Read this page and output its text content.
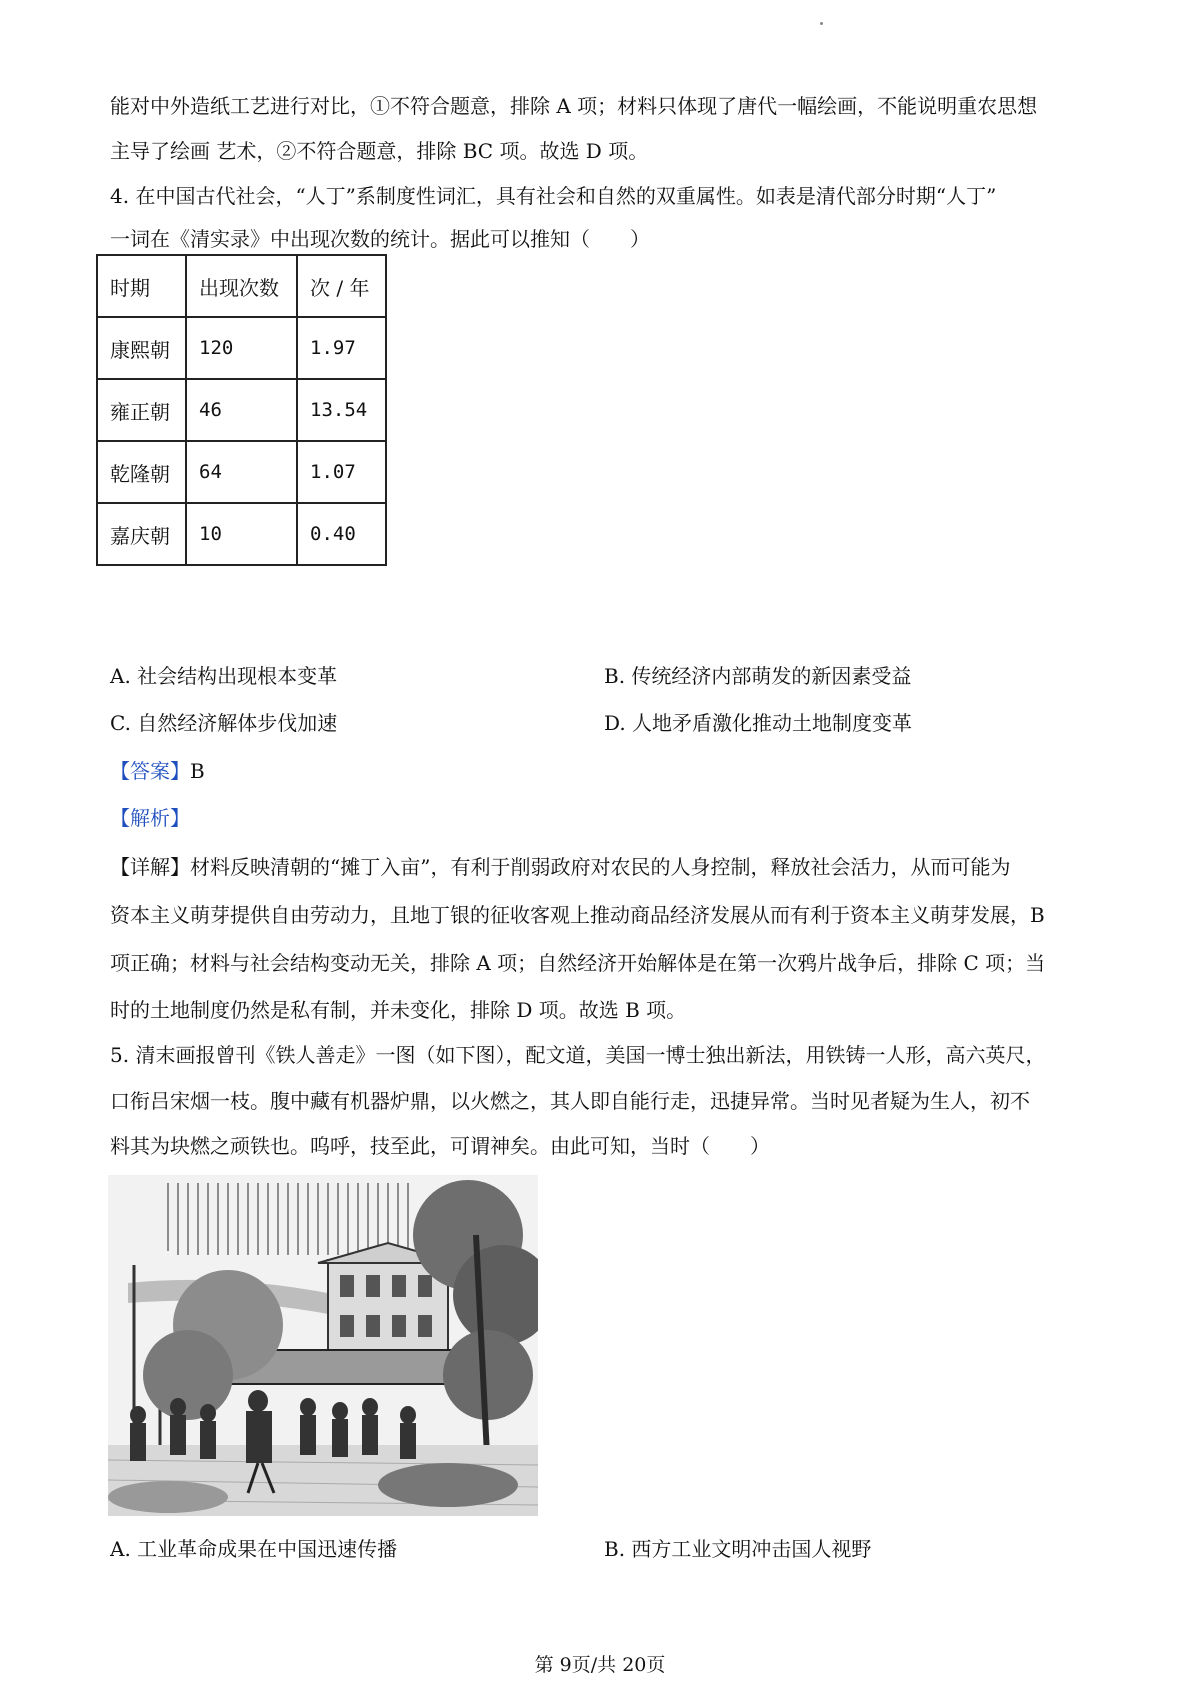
能对中外造纸工艺进行对比，①不符合题意，排除 A 项；材料只体现了唐代一幅绘画，不能说明重农思想
主导了绘画 艺术，②不符合题意，排除 BC 项。故选 D 项。
4. 在中国古代社会，“人丁”系制度性词汇，具有社会和自然的双重属性。如表是清代部分时期“人丁”
一词在《清实录》中出现次数的统计。据此可以推知（　　）
时期	出现次数	次 / 年
康熙朝	120	1.97
雍正朝	46	13.54
乾隆朝	64	1.07
嘉庆朝	10	0.40
A. 社会结构出现根本变革	B. 传统经济内部萌发的新因素受益
C. 自然经济解体步伐加速	D. 人地矛盾激化推动土地制度变革
【答案】B
【解析】
【详解】材料反映清朝的“摊丁入亩”，有利于削弱政府对农民的人身控制，释放社会活力，从而可能为
资本主义萌芽提供自由劳动力，且地丁银的征收客观上推动商品经济发展从而有利于资本主义萌芽发展，B
项正确；材料与社会结构变动无关，排除 A 项；自然经济开始解体是在第一次鸦片战争后，排除 C 项；当
时的土地制度仍然是私有制，并未变化，排除 D 项。故选 B 项。
5. 清末画报曾刊《铁人善走》一图（如下图），配文道，美国一博士独出新法，用铁铸一人形，高六英尺，
口衔吕宋烟一枝。腹中藏有机器炉鼎，以火燃之，其人即自能行走，迅捷异常。当时见者疑为生人，初不
料其为块燃之顽铁也。呜呼，技至此，可谓神矣。由此可知，当时（　　）
A. 工业革命成果在中国迅速传播	B. 西方工业文明冲击国人视野
第 9页/共 20页
